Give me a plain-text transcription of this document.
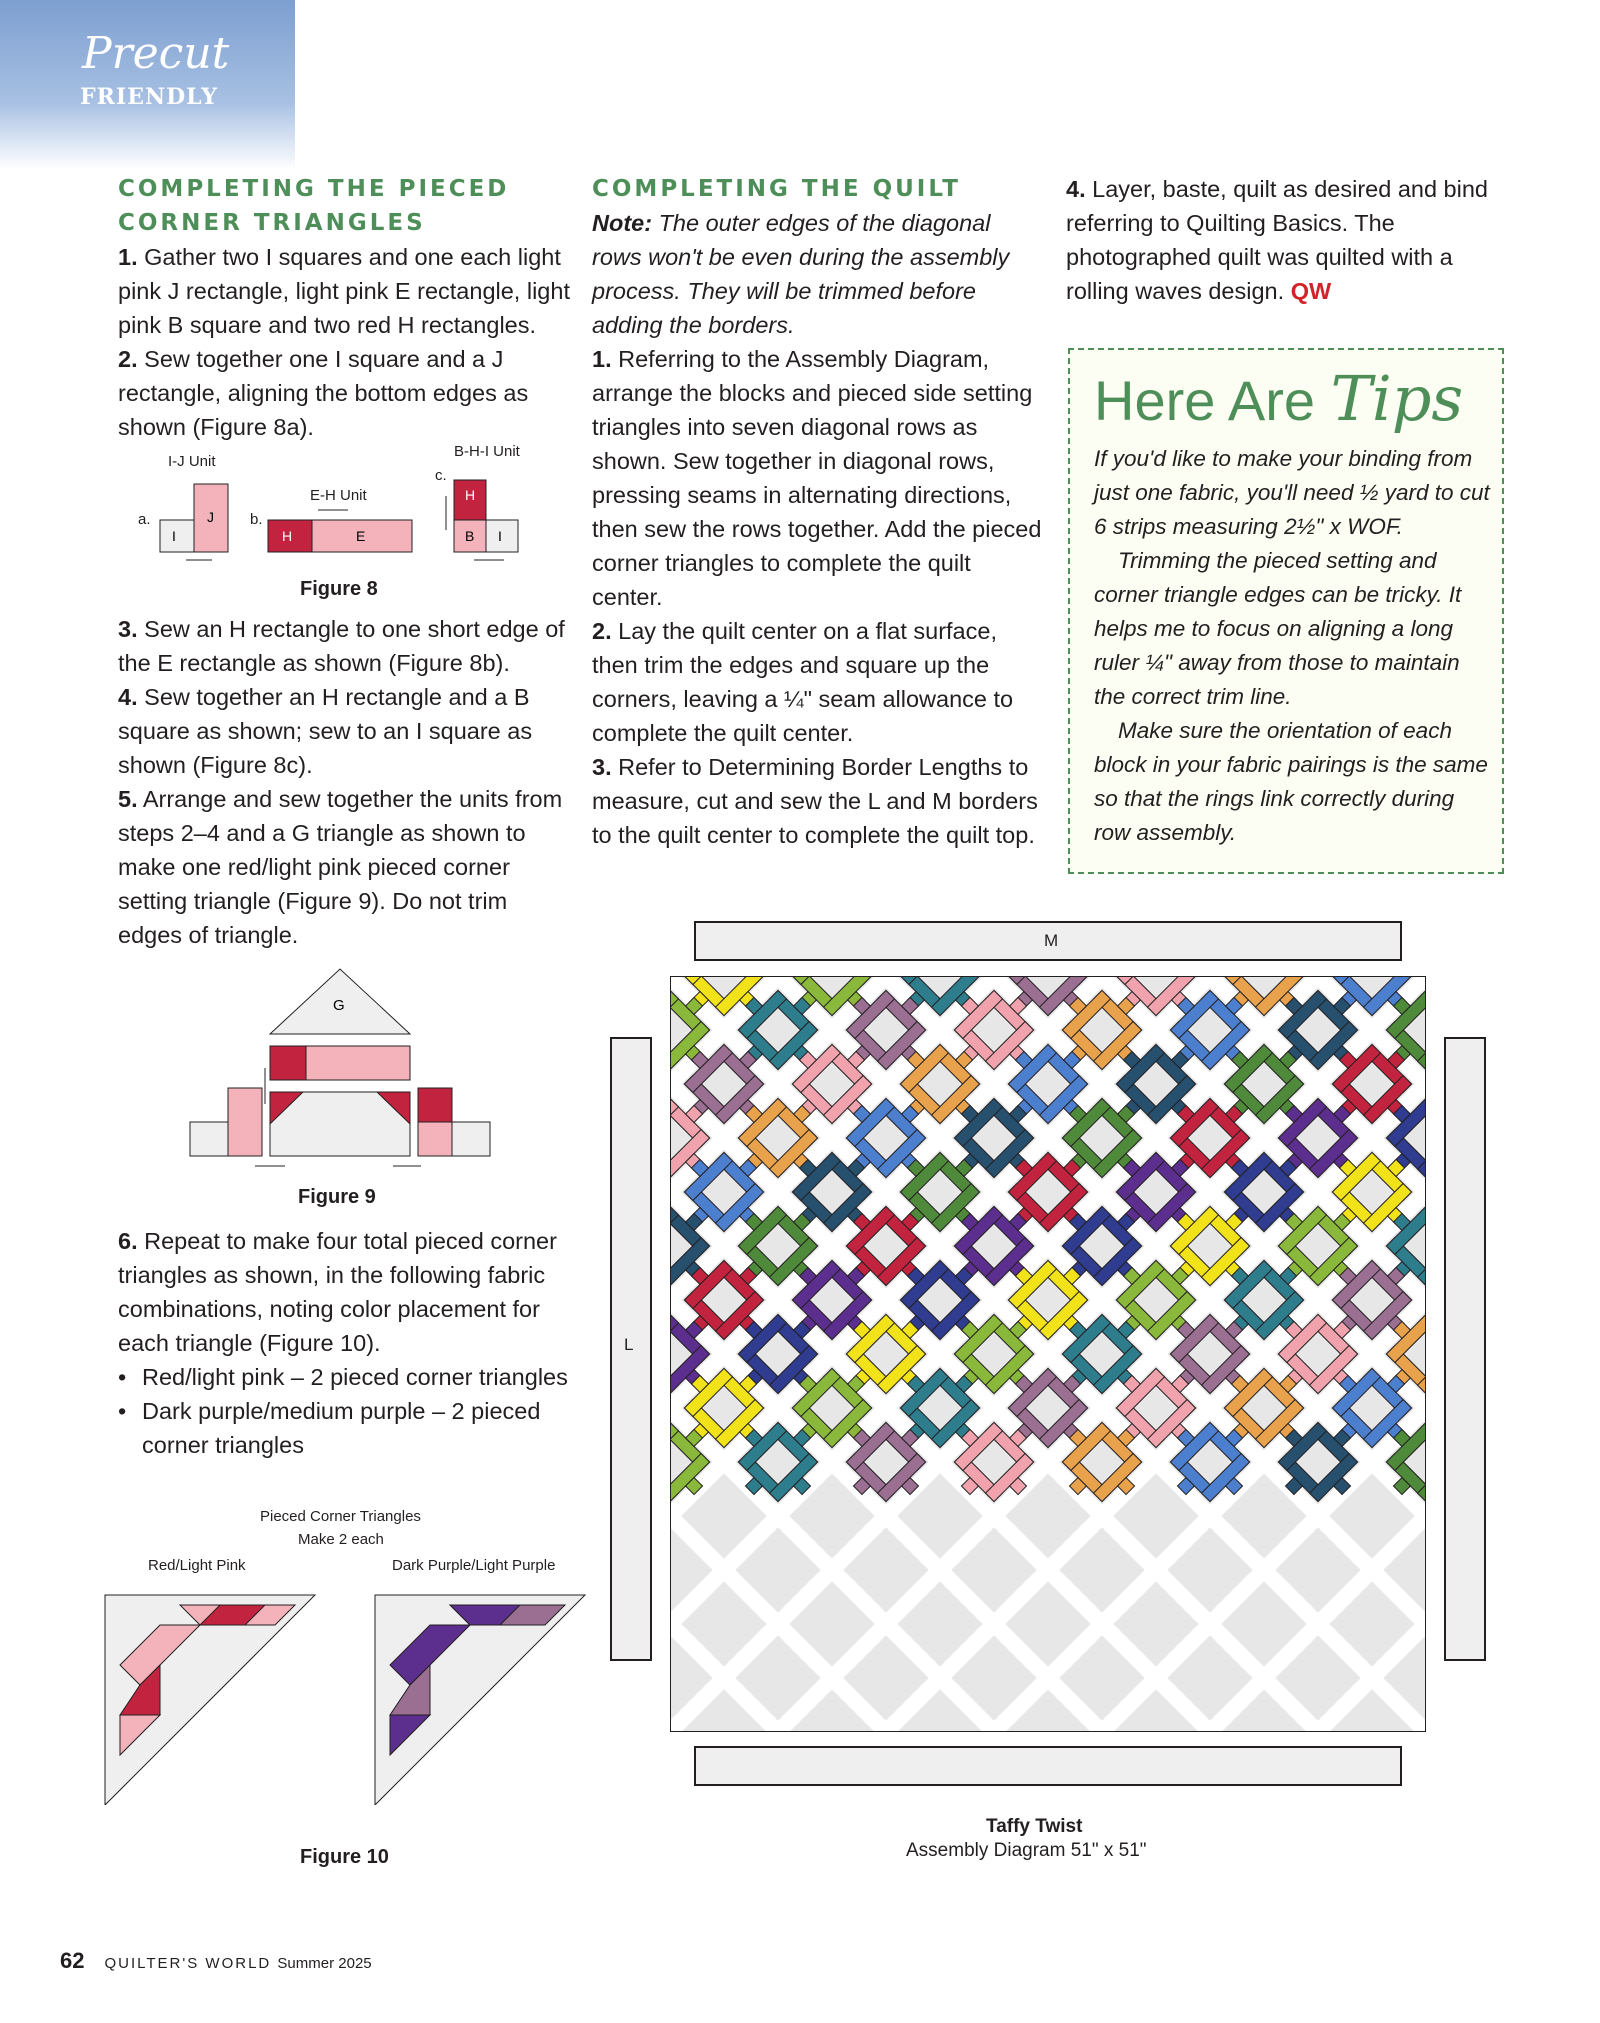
Precut
FRIENDLY
COMPLETING THE PIECED CORNER TRIANGLES

1. Gather two I squares and one each light pink J rectangle, light pink E rectangle, light pink B square and two red H rectangles.

2. Sew together one I square and a J rectangle, aligning the bottom edges as shown (Figure 8a).

I-J Unit
a.
E-H Unit
b.
B-H-I Unit
c.
I
J
H	E
H
B I
Figure 8

3. Sew an H rectangle to one short edge of the E rectangle as shown (Figure 8b).

4. Sew together an H rectangle and a B square as shown; sew to an I square as shown (Figure 8c).

5. Arrange and sew together the units from steps 2–4 and a G triangle as shown to make one red/light pink pieced corner setting triangle (Figure 9). Do not trim edges of triangle.

G
Figure 9

6. Repeat to make four total pieced corner triangles as shown, in the following fabric combinations, noting color placement for each triangle (Figure 10).

• Red/light pink – 2 pieced corner triangles
• Dark purple/medium purple – 2 pieced corner triangles
Pieced Corner Triangles
Make 2 each
Red/Light Pink	Dark Purple/Light Purple
Figure 10
COMPLETING THE QUILT

Note: The outer edges of the diagonal rows won't be even during the assembly process. They will be trimmed before adding the borders.

1. Referring to the Assembly Diagram, arrange the blocks and pieced side setting triangles into seven diagonal rows as shown. Sew together in diagonal rows, pressing seams in alternating directions, then sew the rows together. Add the pieced corner triangles to complete the quilt center.

2. Lay the quilt center on a flat surface, then trim the edges and square up the corners, leaving a ¼" seam allowance to complete the quilt center.

3. Refer to Determining Border Lengths to measure, cut and sew the L and M borders to the quilt center to complete the quilt top.

4. Layer, baste, quilt as desired and bind referring to Quilting Basics. The photographed quilt was quilted with a rolling waves design. QW

Here Are Tips

If you'd like to make your binding from just one fabric, you'll need ½ yard to cut 6 strips measuring 2½" x WOF.

Trimming the pieced setting and corner triangle edges can be tricky. It helps me to focus on aligning a long ruler ¼" away from those to maintain the correct trim line.

Make sure the orientation of each block in your fabric pairings is the same so that the rings link correctly during row assembly.

M
L
Taffy Twist
Assembly Diagram 51" x 51"
62 QUILTER'S WORLD Summer 2025
